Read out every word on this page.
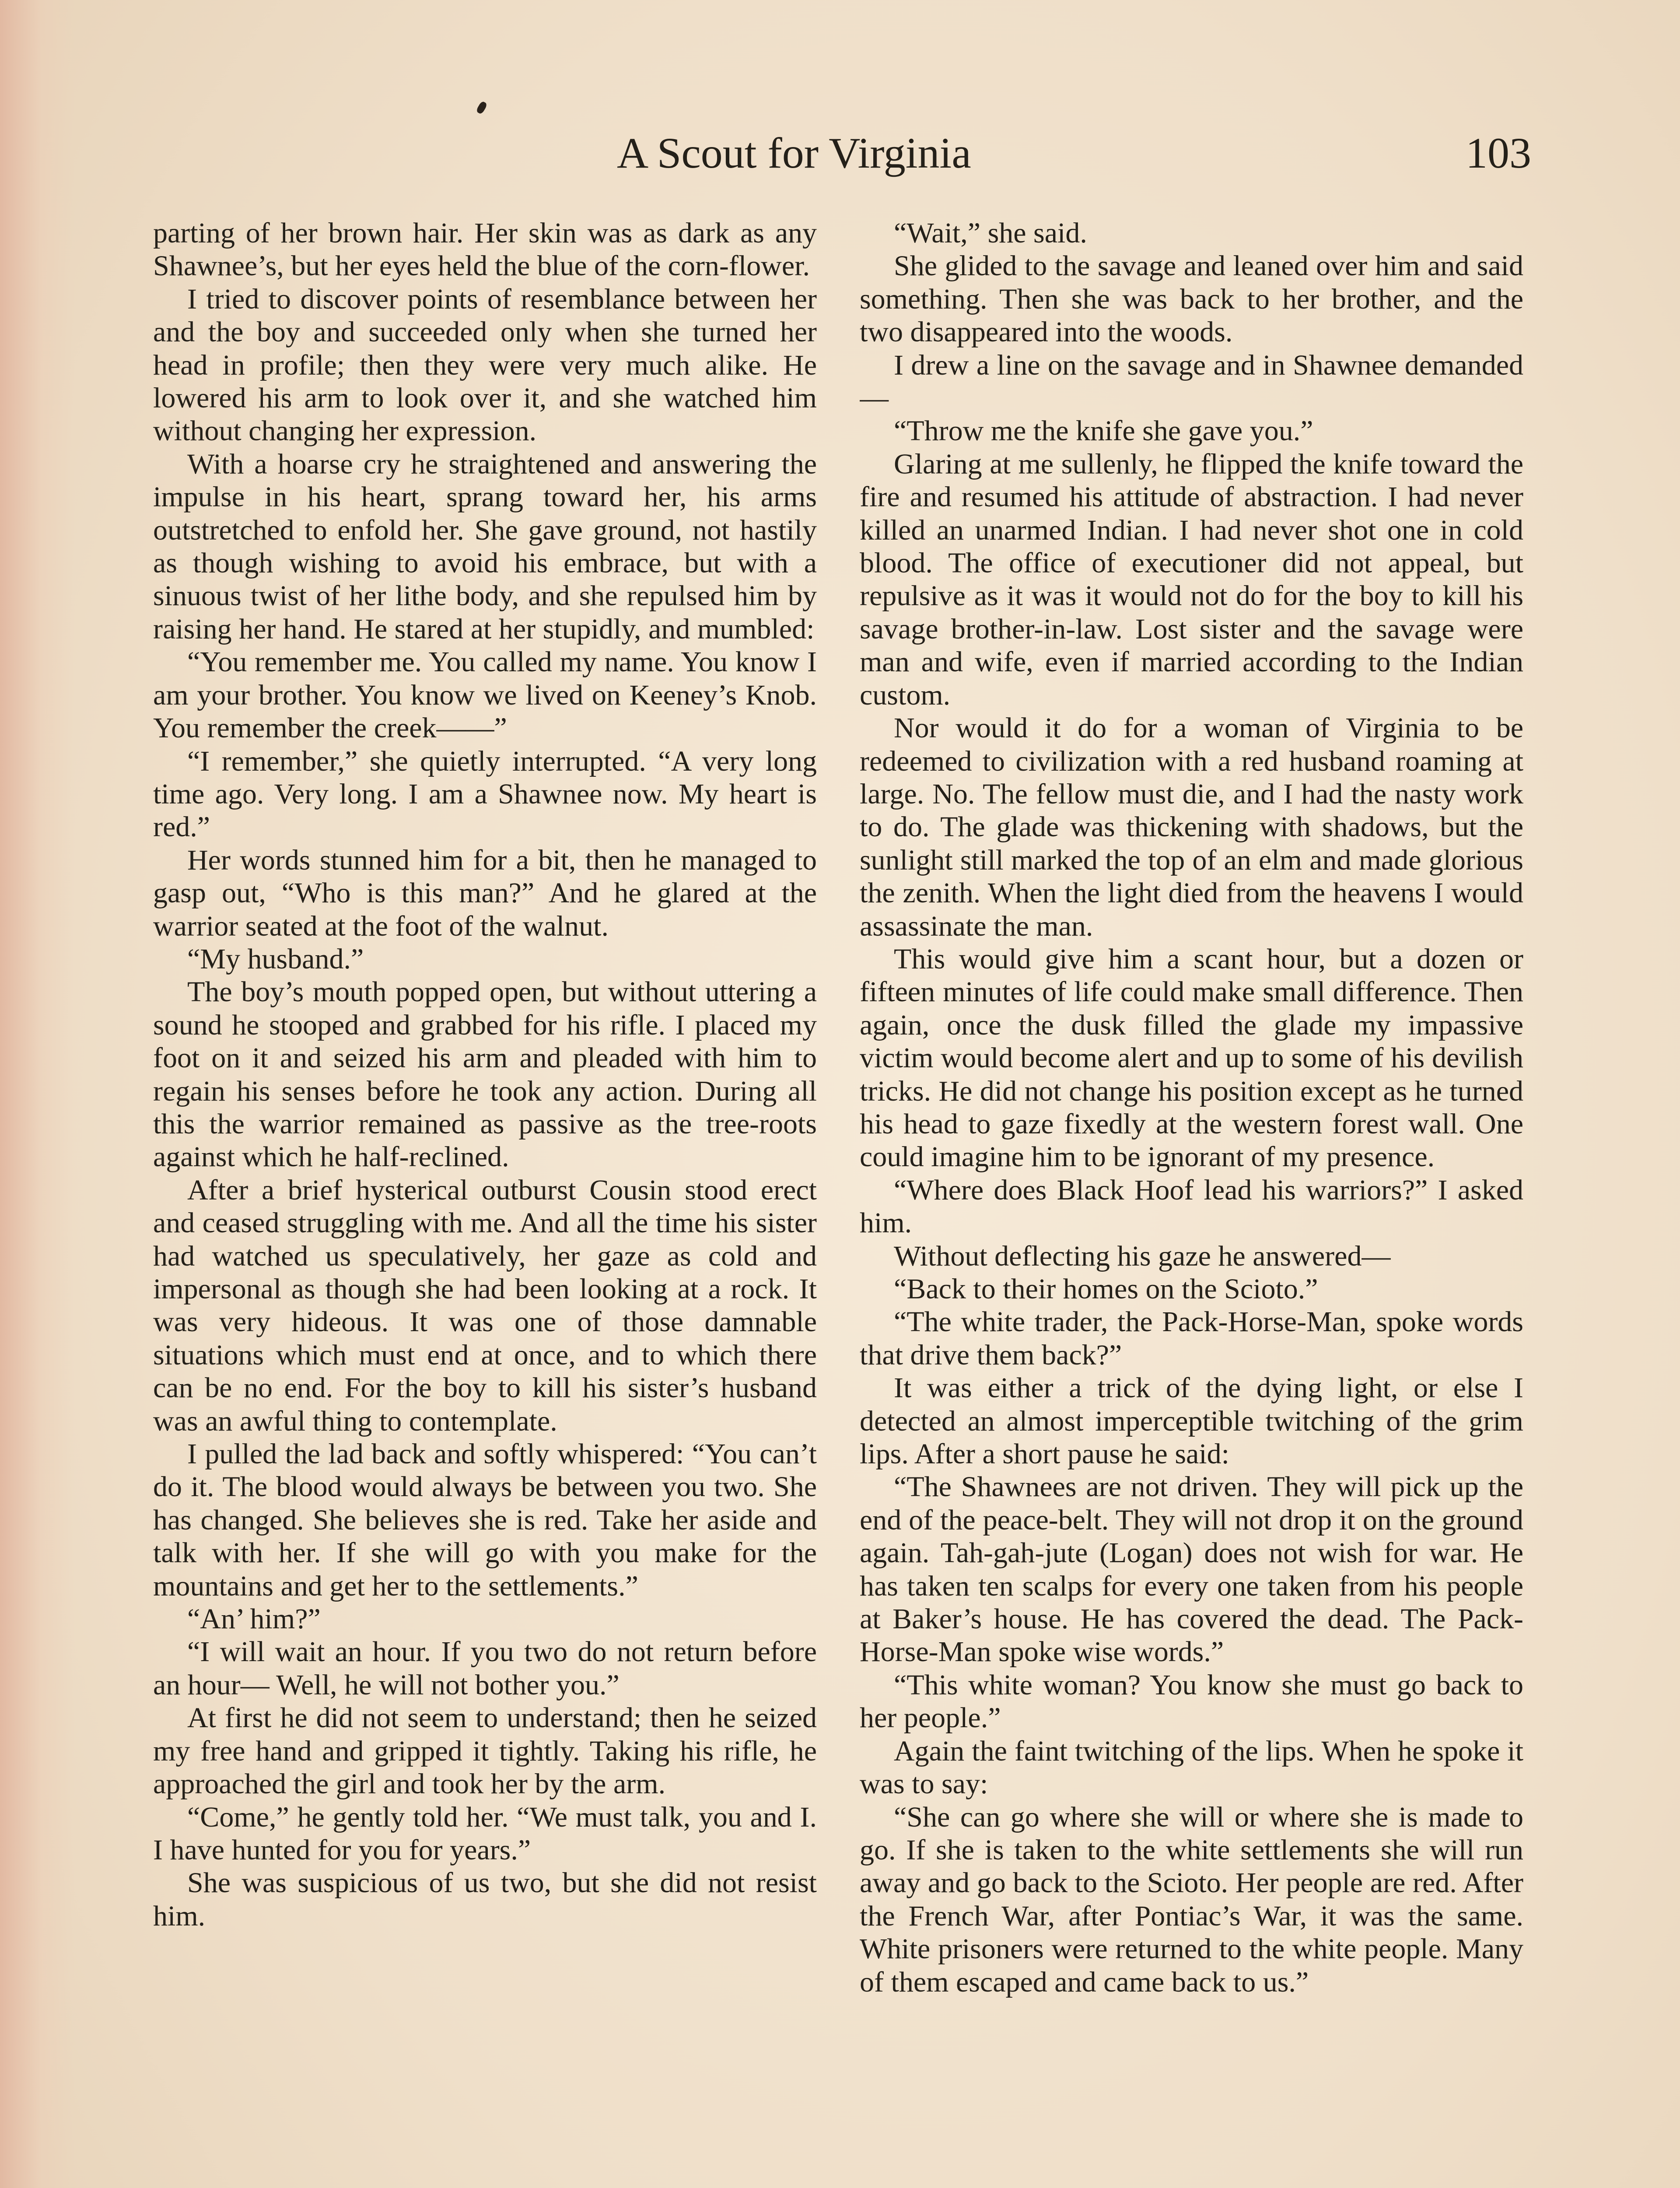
A Scout for Virginia	103

parting of her brown hair. Her skin was as dark as any Shawnee’s, but her eyes held the blue of the corn-flower.

I tried to discover points of resemblance between her and the boy and succeeded only when she turned her head in profile; then they were very much alike. He lowered his arm to look over it, and she watched him without changing her expression.

With a hoarse cry he straightened and answering the impulse in his heart, sprang toward her, his arms outstretched to enfold her. She gave ground, not hastily as though wishing to avoid his embrace, but with a sinuous twist of her lithe body, and she repulsed him by raising her hand. He stared at her stupidly, and mumbled:

“You remember me. You called my name. You know I am your brother. You know we lived on Keeney’s Knob. You remember the creek——”

“I remember,” she quietly interrupted. “A very long time ago. Very long. I am a Shawnee now. My heart is red.”

Her words stunned him for a bit, then he managed to gasp out, “Who is this man?” And he glared at the warrior seated at the foot of the walnut.

“My husband.”

The boy’s mouth popped open, but without uttering a sound he stooped and grabbed for his rifle. I placed my foot on it and seized his arm and pleaded with him to regain his senses before he took any action. During all this the warrior remained as passive as the tree-roots against which he half-reclined.

After a brief hysterical outburst Cousin stood erect and ceased struggling with me. And all the time his sister had watched us speculatively, her gaze as cold and impersonal as though she had been looking at a rock. It was very hideous. It was one of those damnable situations which must end at once, and to which there can be no end. For the boy to kill his sister’s husband was an awful thing to contemplate.

I pulled the lad back and softly whispered: “You can’t do it. The blood would always be between you two. She has changed. She believes she is red. Take her aside and talk with her. If she will go with you make for the mountains and get her to the settlements.”

“An’ him?”

“I will wait an hour. If you two do not return before an hour— Well, he will not bother you.”

At first he did not seem to understand; then he seized my free hand and gripped it tightly. Taking his rifle, he approached the girl and took her by the arm.

“Come,” he gently told her. “We must talk, you and I. I have hunted for you for years.”

She was suspicious of us two, but she did not resist him.

“Wait,” she said.

She glided to the savage and leaned over him and said something. Then she was back to her brother, and the two disappeared into the woods.

I drew a line on the savage and in Shawnee demanded—

“Throw me the knife she gave you.”

Glaring at me sullenly, he flipped the knife toward the fire and resumed his attitude of abstraction. I had never killed an unarmed Indian. I had never shot one in cold blood. The office of executioner did not appeal, but repulsive as it was it would not do for the boy to kill his savage brother-in-law. Lost sister and the savage were man and wife, even if married according to the Indian custom.

Nor would it do for a woman of Virginia to be redeemed to civilization with a red husband roaming at large. No. The fellow must die, and I had the nasty work to do. The glade was thickening with shadows, but the sunlight still marked the top of an elm and made glorious the zenith. When the light died from the heavens I would assassinate the man.

This would give him a scant hour, but a dozen or fifteen minutes of life could make small difference. Then again, once the dusk filled the glade my impassive victim would become alert and up to some of his devilish tricks. He did not change his position except as he turned his head to gaze fixedly at the western forest wall. One could imagine him to be ignorant of my presence.

“Where does Black Hoof lead his warriors?” I asked him.

Without deflecting his gaze he answered—

“Back to their homes on the Scioto.”

“The white trader, the Pack-Horse-Man, spoke words that drive them back?”

It was either a trick of the dying light, or else I detected an almost imperceptible twitching of the grim lips. After a short pause he said:

“The Shawnees are not driven. They will pick up the end of the peace-belt. They will not drop it on the ground again. Tah-gah-jute (Logan) does not wish for war. He has taken ten scalps for every one taken from his people at Baker’s house. He has covered the dead. The Pack-Horse-Man spoke wise words.”

“This white woman? You know she must go back to her people.”

Again the faint twitching of the lips. When he spoke it was to say:

“She can go where she will or where she is made to go. If she is taken to the white settlements she will run away and go back to the Scioto. Her people are red. After the French War, after Pontiac’s War, it was the same. White prisoners were returned to the white people. Many of them escaped and came back to us.”
